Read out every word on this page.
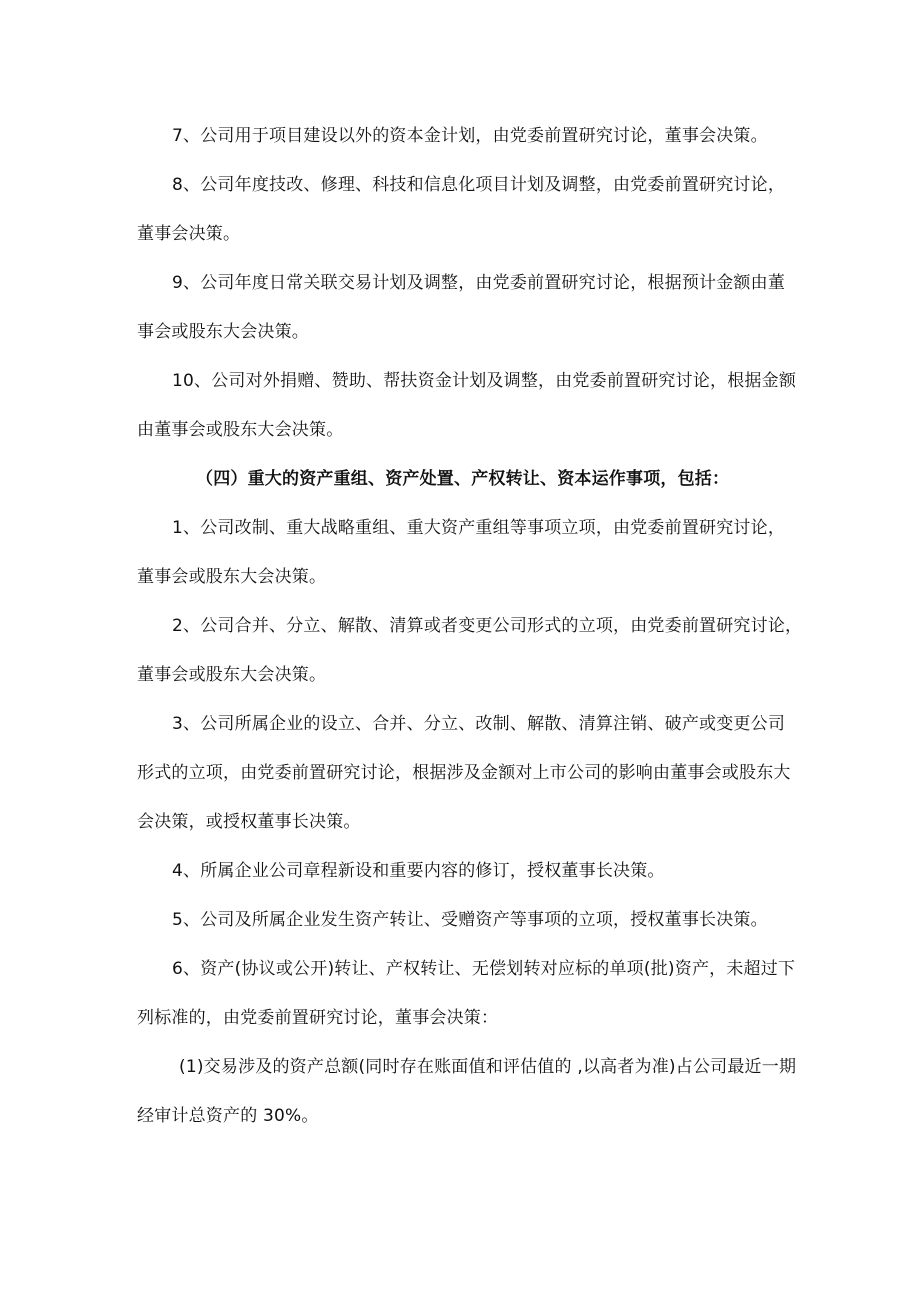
7、公司用于项目建设以外的资本金计划，由党委前置研究讨论，董事会决策。
8、公司年度技改、修理、科技和信息化项目计划及调整，由党委前置研究讨论，
董事会决策。
9、公司年度日常关联交易计划及调整，由党委前置研究讨论，根据预计金额由董
事会或股东大会决策。
10、公司对外捐赠、赞助、帮扶资金计划及调整，由党委前置研究讨论，根据金额
由董事会或股东大会决策。
（四）重大的资产重组、资产处置、产权转让、资本运作事项，包括：
1、公司改制、重大战略重组、重大资产重组等事项立项，由党委前置研究讨论，
董事会或股东大会决策。
2、公司合并、分立、解散、清算或者变更公司形式的立项，由党委前置研究讨论，
董事会或股东大会决策。
3、公司所属企业的设立、合并、分立、改制、解散、清算注销、破产或变更公司
形式的立项，由党委前置研究讨论，根据涉及金额对上市公司的影响由董事会或股东大
会决策，或授权董事长决策。
4、所属企业公司章程新设和重要内容的修订，授权董事长决策。
5、公司及所属企业发生资产转让、受赠资产等事项的立项，授权董事长决策。
6、资产(协议或公开)转让、产权转让、无偿划转对应标的单项(批)资产，未超过下
列标准的，由党委前置研究讨论，董事会决策：
(1)交易涉及的资产总额(同时存在账面值和评估值的 ,以高者为准)占公司最近一期
经审计总资产的 30%。
